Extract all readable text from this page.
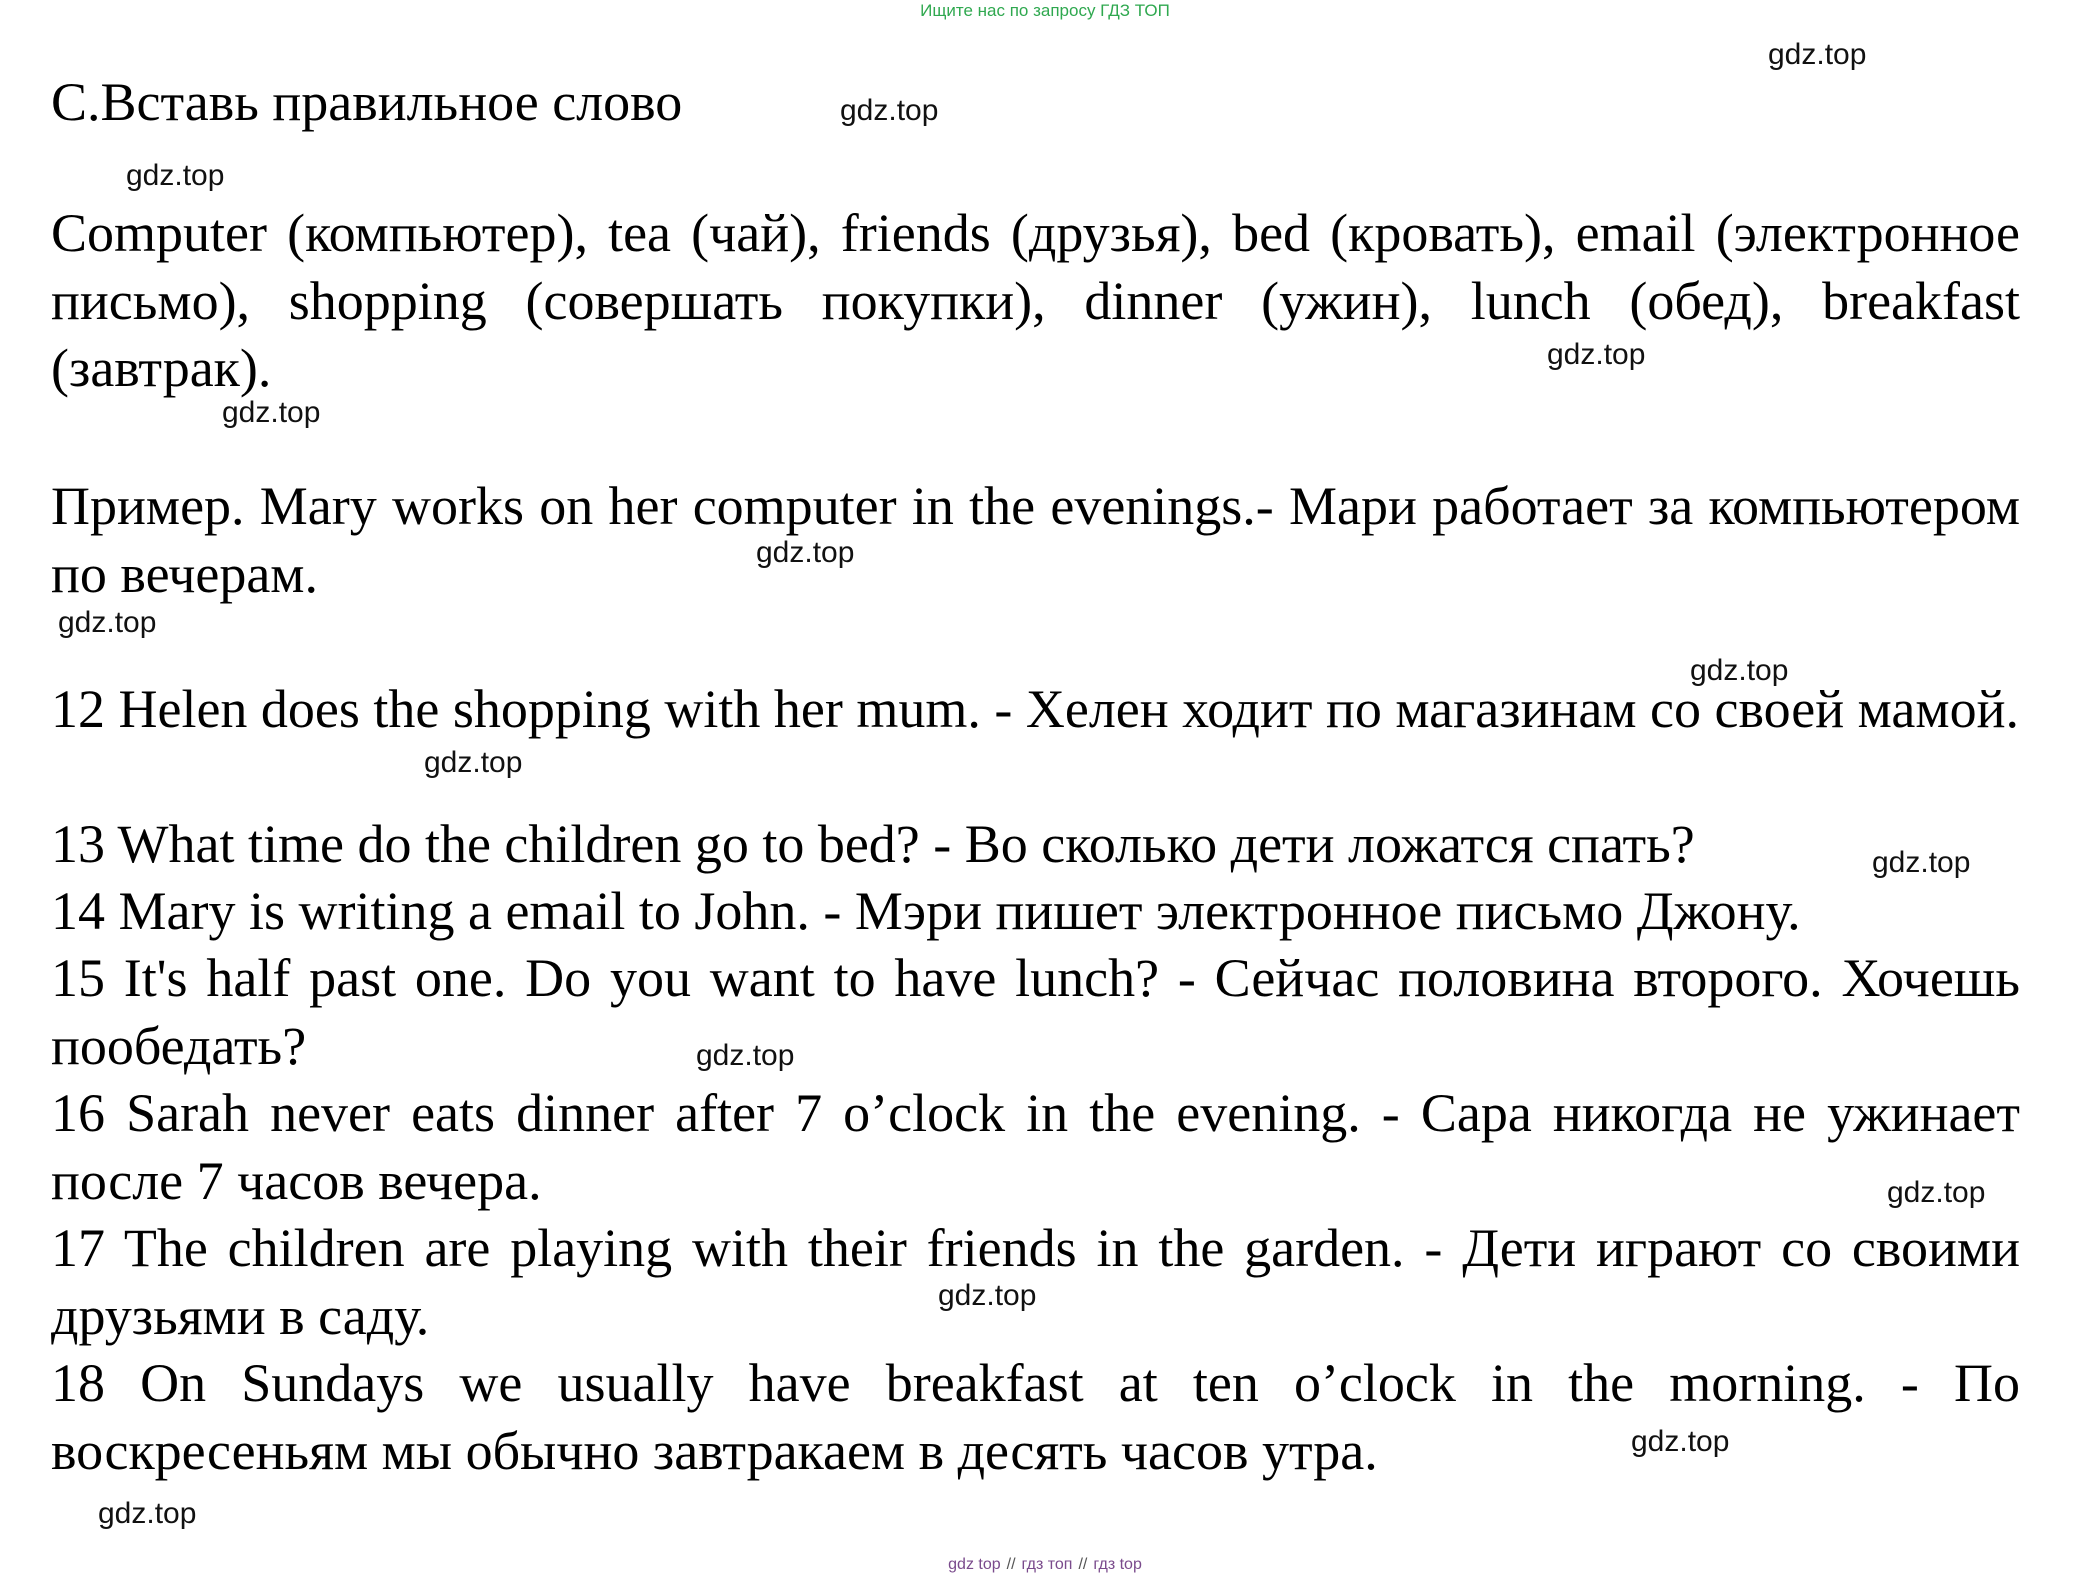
Ищите нас по запросу ГДЗ ТОП
C.Вставь правильное слово
Computer (компьютер), tea (чай), friends (друзья), bed (кровать), email (электронное письмо), shopping (совершать покупки), dinner (ужин), lunch (обед), breakfast (завтрак).
Пример. Mary works on her computer in the evenings.- Мари работает за компьютером по вечерам.
12 Helen does the shopping with her mum. - Хелен ходит по магазинам со своей мамой.
13 What time do the children go to bed? - Во сколько дети ложатся спать?
14 Mary is writing a email to John. - Мэри пишет электронное письмо Джону.
15 It's half past one. Do you want to have lunch? - Сейчас половина второго. Хочешь пообедать?
16 Sarah never eats dinner after 7 o’clock in the evening. - Сара никогда не ужинает после 7 часов вечера.
17 The children are playing with their friends in the garden. - Дети играют со своими друзьями в саду.
18 On Sundays we usually have breakfast at ten o’clock in the morning. - По воскресеньям мы обычно завтракаем в десять часов утра.
gdz.top
gdz.top
gdz.top
gdz.top
gdz.top
gdz.top
gdz.top
gdz.top
gdz.top
gdz.top
gdz.top
gdz.top
gdz.top
gdz.top
gdz.top
gdz top // гдз топ // гдз top
